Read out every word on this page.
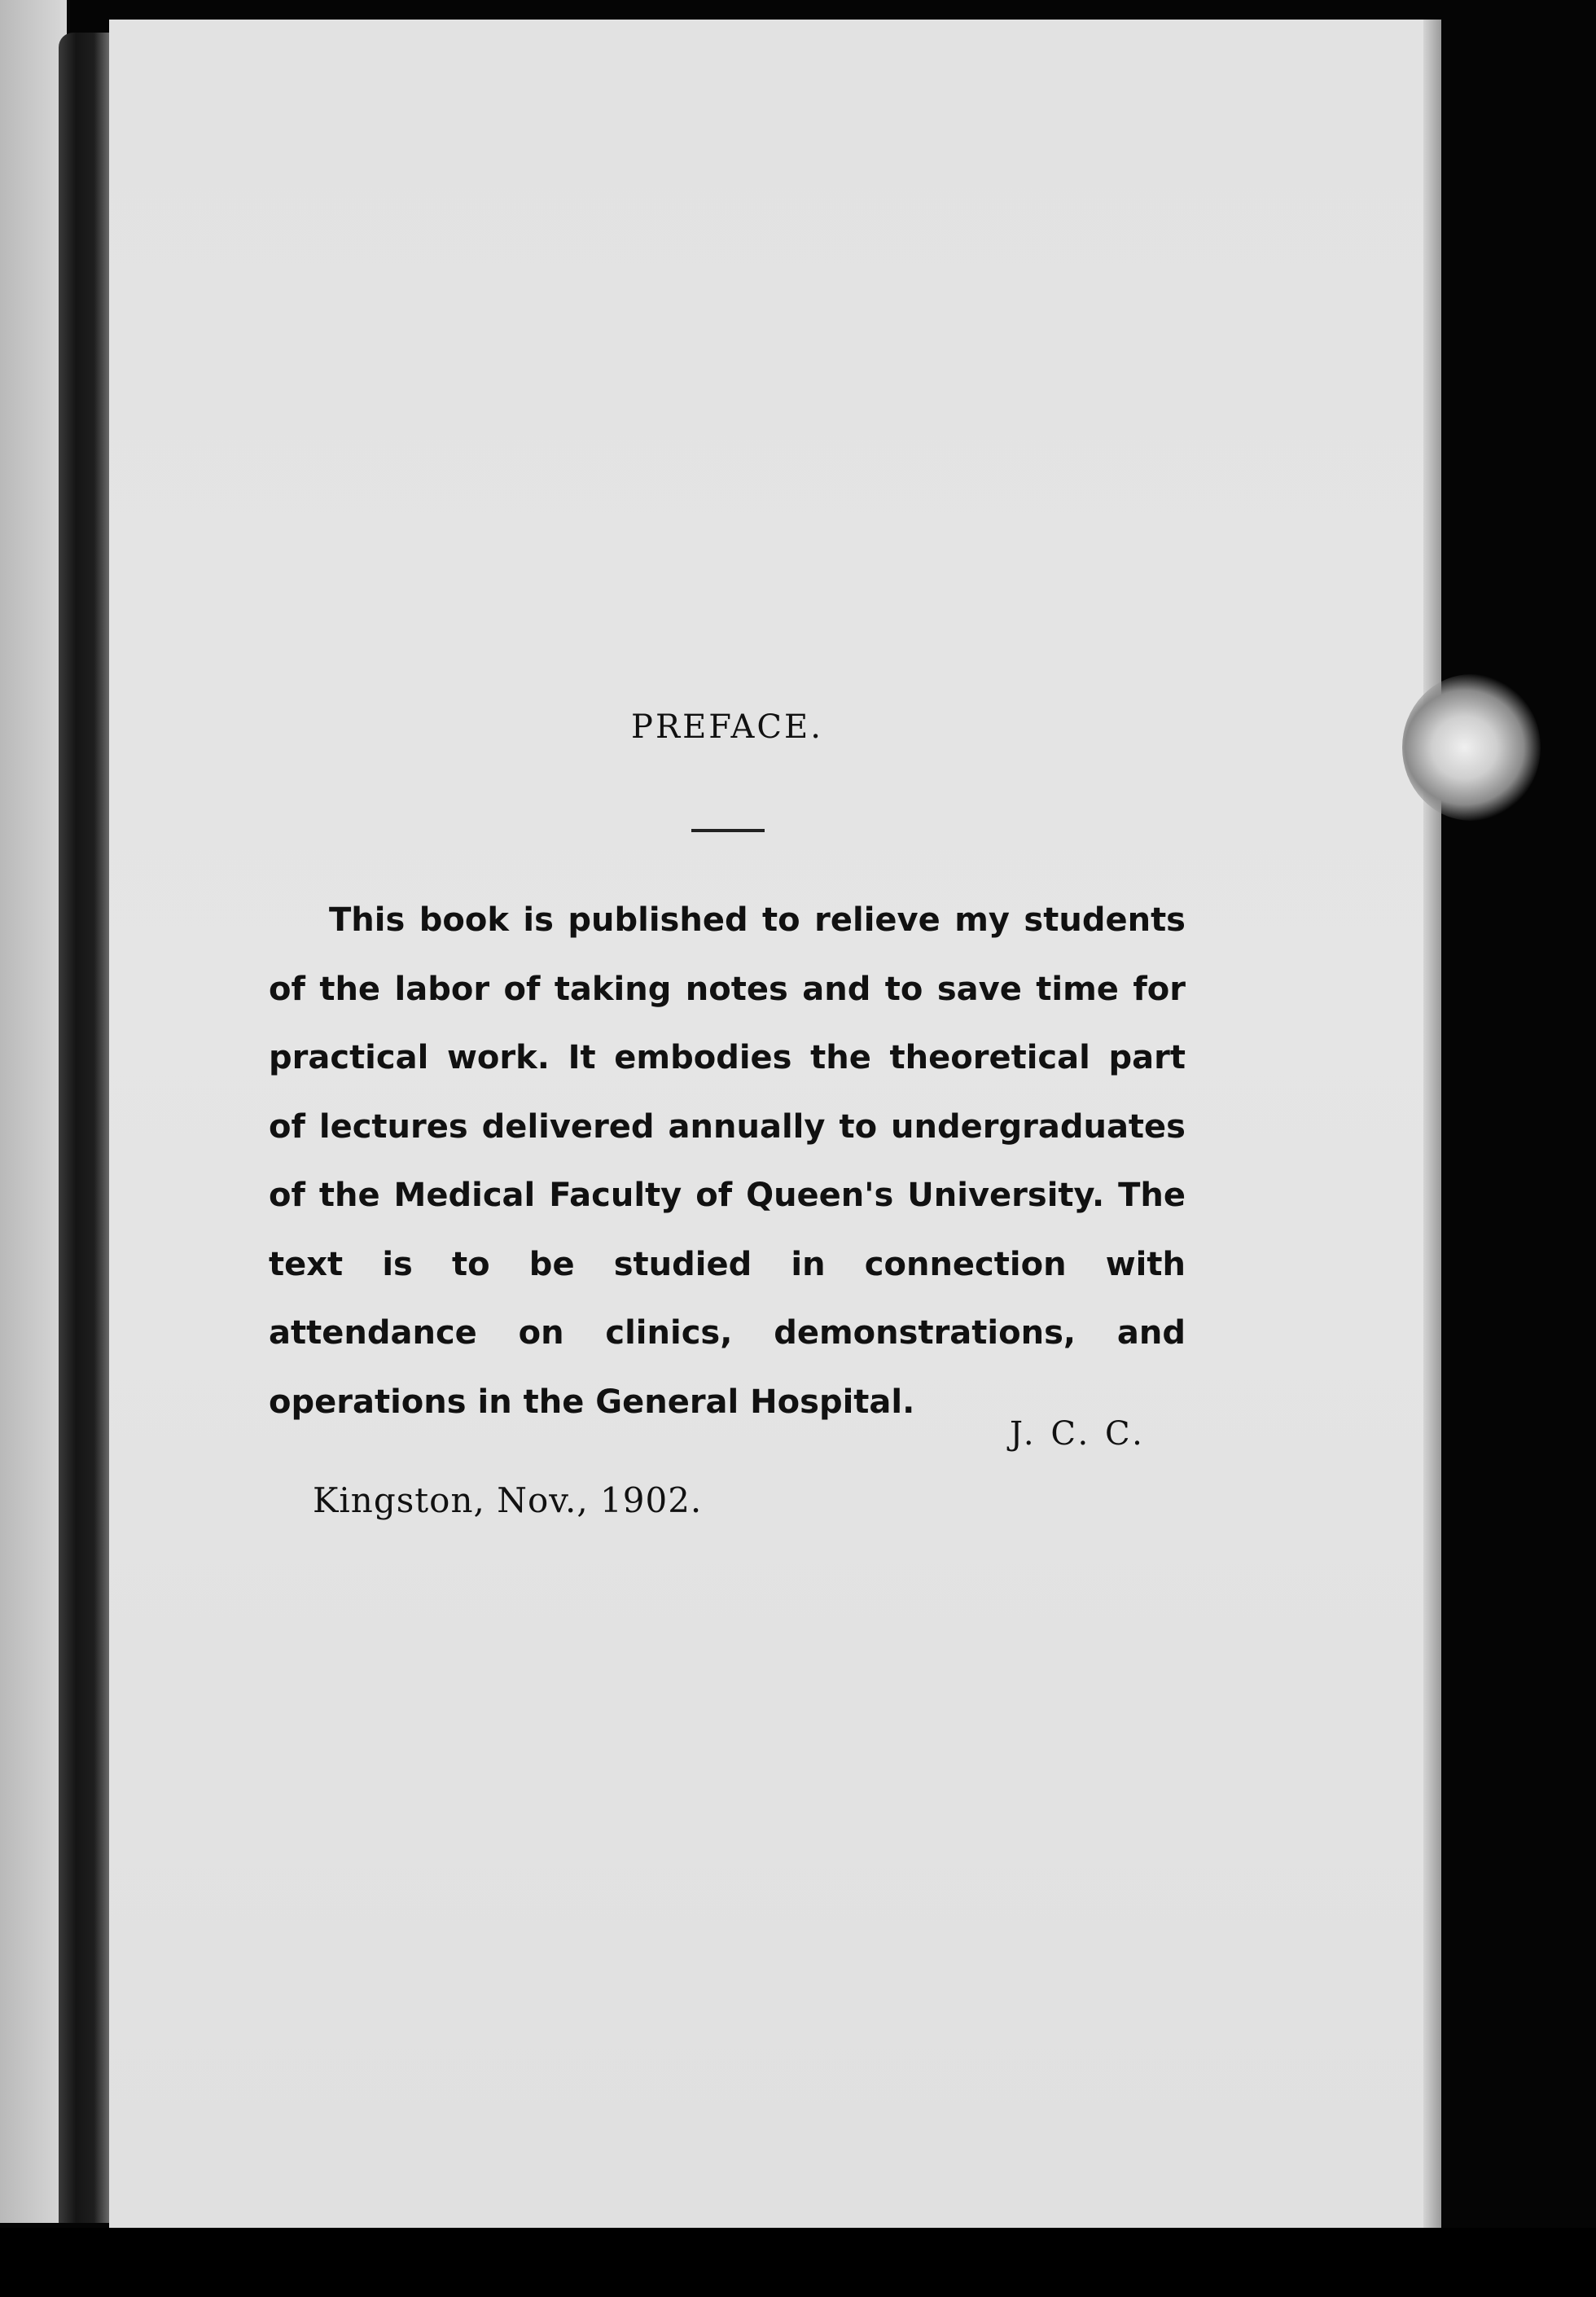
PREFACE.

This book is published to relieve my students of the labor of taking notes and to save time for practical work. It embodies the theoretical part of lectures delivered annually to undergraduates of the Medical Faculty of Queen's University. The text is to be studied in connection with attendance on clinics, demonstrations, and operations in the General Hospital.

J. C. C.
Kingston, Nov., 1902.
